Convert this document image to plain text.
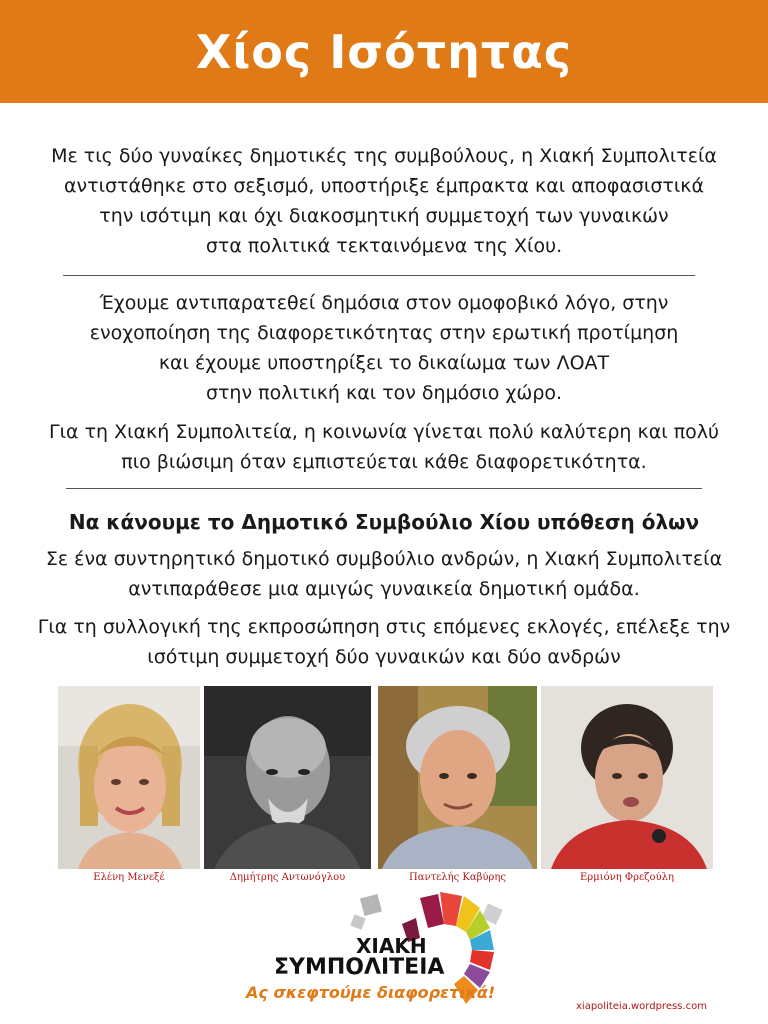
Χίος Ισότητας
Με τις δύο γυναίκες δημοτικές της συμβούλους, η Χιακή Συμπολιτεία
αντιστάθηκε στο σεξισμό, υποστήριξε έμπρακτα και αποφασιστικά
την ισότιμη και όχι διακοσμητική συμμετοχή των γυναικών
στα πολιτικά τεκταινόμενα της Χίου.
Έχουμε αντιπαρατεθεί δημόσια στον ομοφοβικό λόγο, στην
ενοχοποίηση της διαφορετικότητας στην ερωτική προτίμηση
και έχουμε υποστηρίξει το δικαίωμα των ΛΟΑΤ
στην πολιτική και τον δημόσιο χώρο.
Για τη Χιακή Συμπολιτεία, η κοινωνία γίνεται πολύ καλύτερη και πολύ
πιο βιώσιμη όταν εμπιστεύεται κάθε διαφορετικότητα.
Να κάνουμε το Δημοτικό Συμβούλιο Χίου υπόθεση όλων
Σε ένα συντηρητικό δημοτικό συμβούλιο ανδρών, η Χιακή Συμπολιτεία
αντιπαράθεσε μια αμιγώς γυναικεία δημοτική ομάδα.
Για τη συλλογική της εκπροσώπηση στις επόμενες εκλογές, επέλεξε την
ισότιμη συμμετοχή δύο γυναικών και δύο ανδρών
Ελένη Μενεξέ	Δημήτρης Αντωνόγλου	Παντελής Καβύρης	Ερμιόνη Φρεζούλη
ΧΙΑΚΗ
ΣΥΜΠΟΛΙΤΕΙΑ
Ας σκεφτούμε διαφορετικά!
xiapoliteia.wordpress.com
